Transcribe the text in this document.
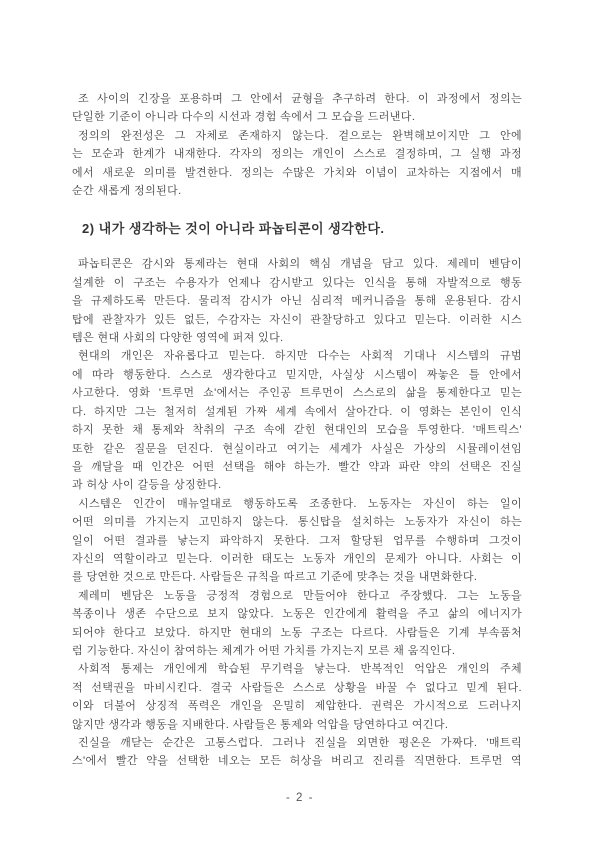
조 사이의 긴장을 포용하며 그 안에서 균형을 추구하려 한다. 이 과정에서 정의는
단일한 기준이 아니라 다수의 시선과 경험 속에서 그 모습을 드러낸다.
정의의 완전성은 그 자체로 존재하지 않는다. 겉으로는 완벽해보이지만 그 안에
는 모순과 한계가 내재한다. 각자의 정의는 개인이 스스로 결정하며, 그 실행 과정
에서 새로운 의미를 발견한다. 정의는 수많은 가치와 이념이 교차하는 지점에서 매
순간 새롭게 정의된다.
2) 내가 생각하는 것이 아니라 파놉티콘이 생각한다.
파놉티콘은 감시와 통제라는 현대 사회의 핵심 개념을 담고 있다. 제레미 벤담이
설계한 이 구조는 수용자가 언제나 감시받고 있다는 인식을 통해 자발적으로 행동
을 규제하도록 만든다. 물리적 감시가 아닌 심리적 메커니즘을 통해 운용된다. 감시
탑에 관찰자가 있든 없든, 수감자는 자신이 관찰당하고 있다고 믿는다. 이러한 시스
템은 현대 사회의 다양한 영역에 퍼져 있다.
현대의 개인은 자유롭다고 믿는다. 하지만 다수는 사회적 기대나 시스템의 규범
에 따라 행동한다. 스스로 생각한다고 믿지만, 사실상 시스템이 짜놓은 틀 안에서
사고한다. 영화 '트루먼 쇼'에서는 주인공 트루먼이 스스로의 삶을 통제한다고 믿는
다. 하지만 그는 철저히 설계된 가짜 세계 속에서 살아간다. 이 영화는 본인이 인식
하지 못한 채 통제와 착취의 구조 속에 갇힌 현대인의 모습을 투영한다. '매트릭스'
또한 같은 질문을 던진다. 현실이라고 여기는 세계가 사실은 가상의 시뮬레이션임
을 깨달을 때 인간은 어떤 선택을 해야 하는가. 빨간 약과 파란 약의 선택은 진실
과 허상 사이 갈등을 상징한다.
시스템은 인간이 매뉴얼대로 행동하도록 조종한다. 노동자는 자신이 하는 일이
어떤 의미를 가지는지 고민하지 않는다. 통신탑을 설치하는 노동자가 자신이 하는
일이 어떤 결과를 낳는지 파악하지 못한다. 그저 할당된 업무를 수행하며 그것이
자신의 역할이라고 믿는다. 이러한 태도는 노동자 개인의 문제가 아니다. 사회는 이
를 당연한 것으로 만든다. 사람들은 규칙을 따르고 기준에 맞추는 것을 내면화한다.
제레미 벤담은 노동을 긍정적 경험으로 만들어야 한다고 주장했다. 그는 노동을
복종이나 생존 수단으로 보지 않았다. 노동은 인간에게 활력을 주고 삶의 에너지가
되어야 한다고 보았다. 하지만 현대의 노동 구조는 다르다. 사람들은 기계 부속품처
럼 기능한다. 자신이 참여하는 체계가 어떤 가치를 가지는지 모른 채 움직인다.
사회적 통제는 개인에게 학습된 무기력을 낳는다. 반복적인 억압은 개인의 주체
적 선택권을 마비시킨다. 결국 사람들은 스스로 상황을 바꿀 수 없다고 믿게 된다.
이와 더불어 상징적 폭력은 개인을 은밀히 제압한다. 권력은 가시적으로 드러나지
않지만 생각과 행동을 지배한다. 사람들은 통제와 억압을 당연하다고 여긴다.
진실을 깨닫는 순간은 고통스럽다. 그러나 진실을 외면한 평온은 가짜다. '매트릭
스'에서 빨간 약을 선택한 네오는 모든 허상을 버리고 진리를 직면한다. 트루먼 역
- 2 -
